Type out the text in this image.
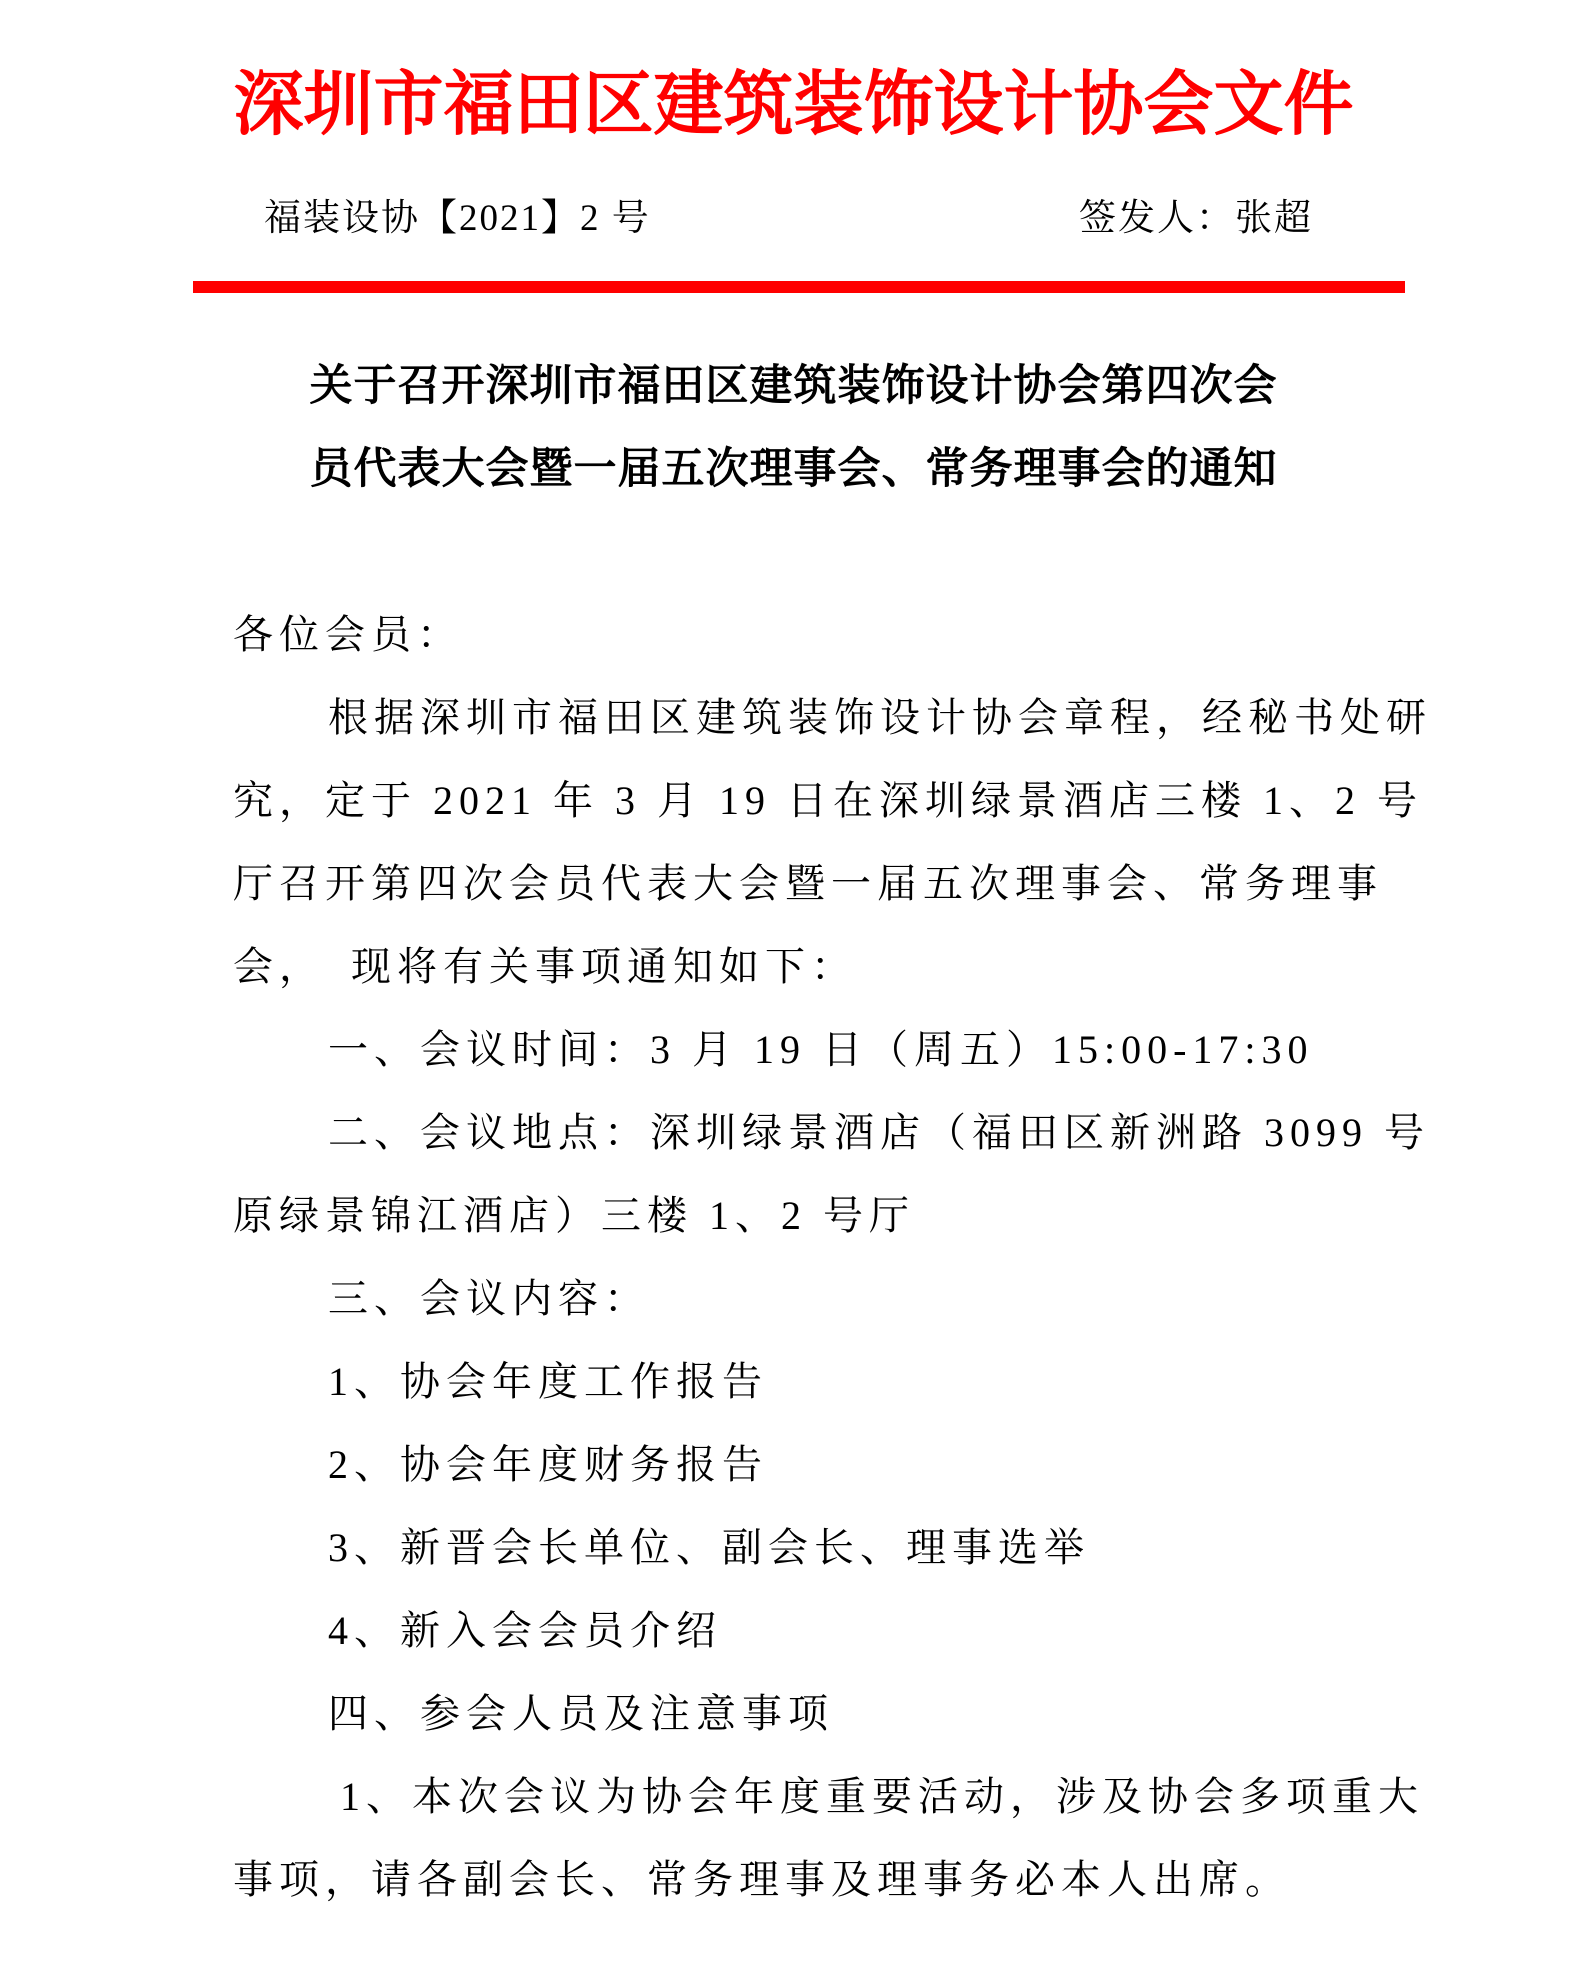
深圳市福田区建筑装饰设计协会文件
福装设协【2021】2 号	签发人：张超
关于召开深圳市福田区建筑装饰设计协会第四次会
员代表大会暨一届五次理事会、常务理事会的通知
各位会员：
根据深圳市福田区建筑装饰设计协会章程，经秘书处研
究，定于 2021 年 3 月 19 日在深圳绿景酒店三楼 1、2 号
厅召开第四次会员代表大会暨一届五次理事会、常务理事
会，　现将有关事项通知如下：
一、会议时间：3 月 19 日（周五）15:00-17:30
二、会议地点：深圳绿景酒店（福田区新洲路 3099 号
原绿景锦江酒店）三楼 1、2 号厅
三、会议内容：
1、协会年度工作报告
2、协会年度财务报告
3、新晋会长单位、副会长、理事选举
4、新入会会员介绍
四、参会人员及注意事项
1、本次会议为协会年度重要活动，涉及协会多项重大
事项，请各副会长、常务理事及理事务必本人出席。
